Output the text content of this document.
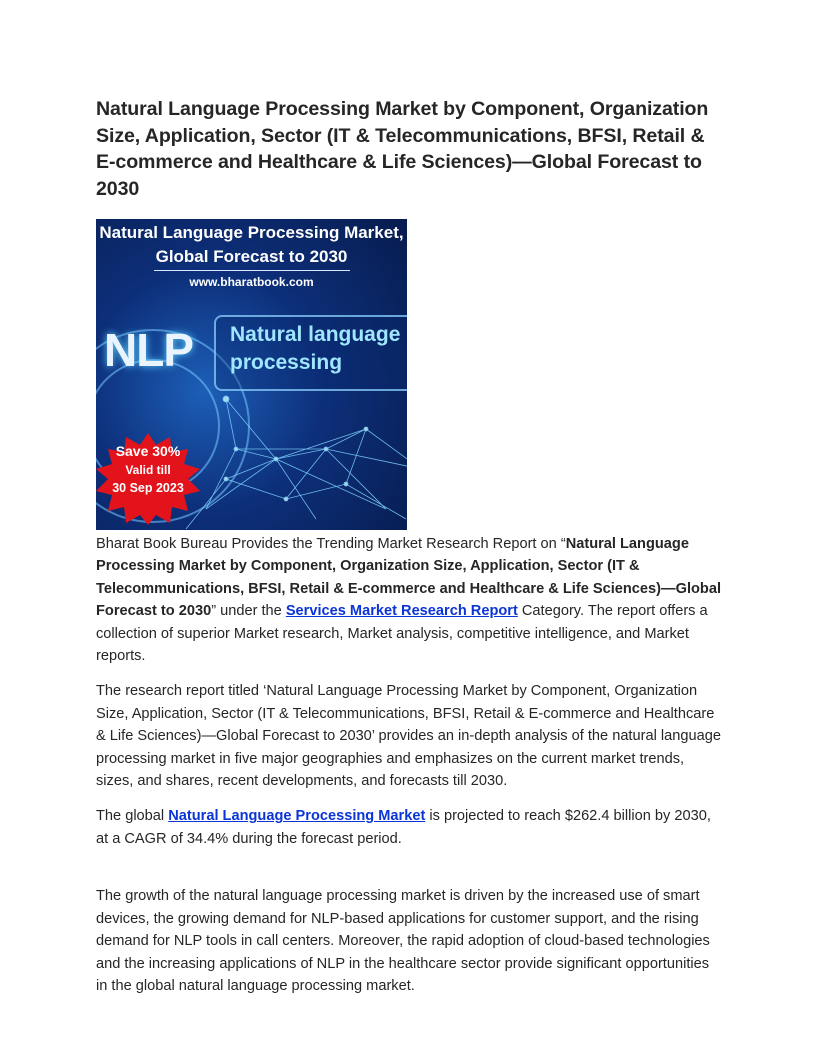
Natural Language Processing Market by Component, Organization Size, Application, Sector (IT & Telecommunications, BFSI, Retail & E-commerce and Healthcare & Life Sciences)—Global Forecast to 2030
Natural Language Processing Market,
Global Forecast to 2030
www.bharatbook.com
NLP Natural language
processing
Save 30%
Valid till
30 Sep 2023

Bharat Book Bureau Provides the Trending Market Research Report on “Natural Language Processing Market by Component, Organization Size, Application, Sector (IT & Telecommunications, BFSI, Retail & E-commerce and Healthcare & Life Sciences)—Global Forecast to 2030” under the Services Market Research Report Category. The report offers a collection of superior Market research, Market analysis, competitive intelligence, and Market reports.

The research report titled ‘Natural Language Processing Market by Component, Organization Size, Application, Sector (IT & Telecommunications, BFSI, Retail & E-commerce and Healthcare & Life Sciences)—Global Forecast to 2030’ provides an in-depth analysis of the natural language processing market in five major geographies and emphasizes on the current market trends, sizes, and shares, recent developments, and forecasts till 2030.

The global Natural Language Processing Market is projected to reach $262.4 billion by 2030, at a CAGR of 34.4% during the forecast period.

The growth of the natural language processing market is driven by the increased use of smart devices, the growing demand for NLP-based applications for customer support, and the rising demand for NLP tools in call centers. Moreover, the rapid adoption of cloud-based technologies and the increasing applications of NLP in the healthcare sector provide significant opportunities in the global natural language processing market.
